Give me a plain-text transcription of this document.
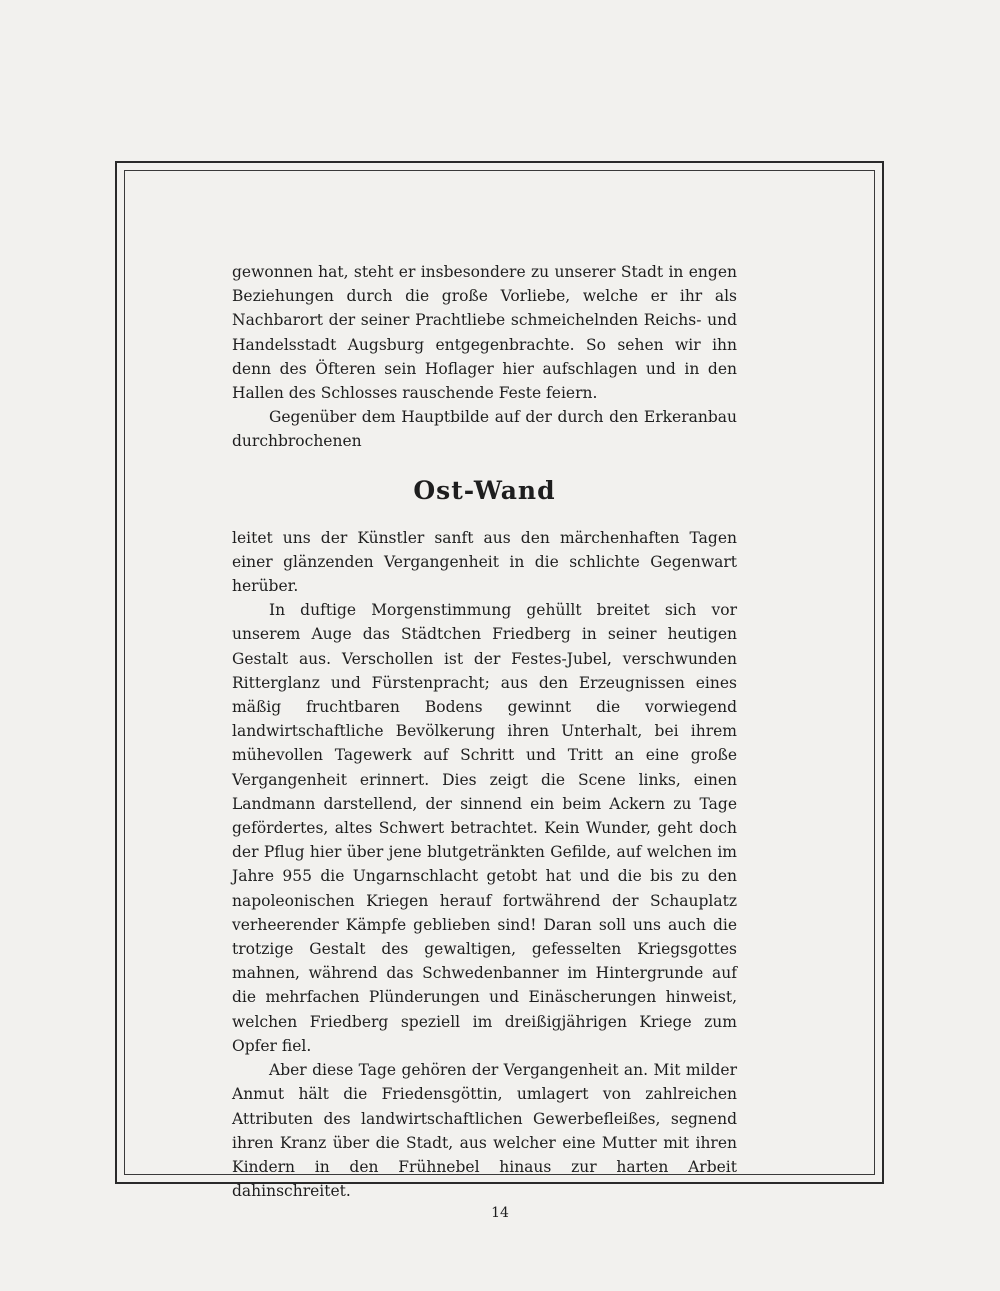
gewonnen hat, steht er insbesondere zu unserer Stadt in engen Beziehungen durch die große Vorliebe, welche er ihr als Nachbarort der seiner Prachtliebe schmeichelnden Reichs- und Handelsstadt Augsburg entgegenbrachte. So sehen wir ihn denn des Öfteren sein Hoflager hier aufschlagen und in den Hallen des Schlosses rauschende Feste feiern.

Gegenüber dem Hauptbilde auf der durch den Erkeranbau durchbrochenen

Ost-Wand

leitet uns der Künstler sanft aus den märchenhaften Tagen einer glänzenden Vergangenheit in die schlichte Gegenwart herüber.

In duftige Morgenstimmung gehüllt breitet sich vor unserem Auge das Städtchen Friedberg in seiner heutigen Gestalt aus. Verschollen ist der Festes-Jubel, verschwunden Ritterglanz und Fürstenpracht; aus den Erzeugnissen eines mäßig fruchtbaren Bodens gewinnt die vorwiegend landwirtschaftliche Bevölkerung ihren Unterhalt, bei ihrem mühevollen Tagewerk auf Schritt und Tritt an eine große Vergangenheit erinnert. Dies zeigt die Scene links, einen Landmann darstellend, der sinnend ein beim Ackern zu Tage gefördertes, altes Schwert betrachtet. Kein Wunder, geht doch der Pflug hier über jene blutgetränkten Gefilde, auf welchen im Jahre 955 die Ungarnschlacht getobt hat und die bis zu den napoleonischen Kriegen herauf fortwährend der Schauplatz verheerender Kämpfe geblieben sind! Daran soll uns auch die trotzige Gestalt des gewaltigen, gefesselten Kriegsgottes mahnen, während das Schwedenbanner im Hintergrunde auf die mehrfachen Plünderungen und Einäscherungen hinweist, welchen Friedberg speziell im dreißigjährigen Kriege zum Opfer fiel.

Aber diese Tage gehören der Vergangenheit an. Mit milder Anmut hält die Friedensgöttin, umlagert von zahlreichen Attributen des landwirtschaftlichen Gewerbefleißes, segnend ihren Kranz über die Stadt, aus welcher eine Mutter mit ihren Kindern in den Frühnebel hinaus zur harten Arbeit dahinschreitet.

14
